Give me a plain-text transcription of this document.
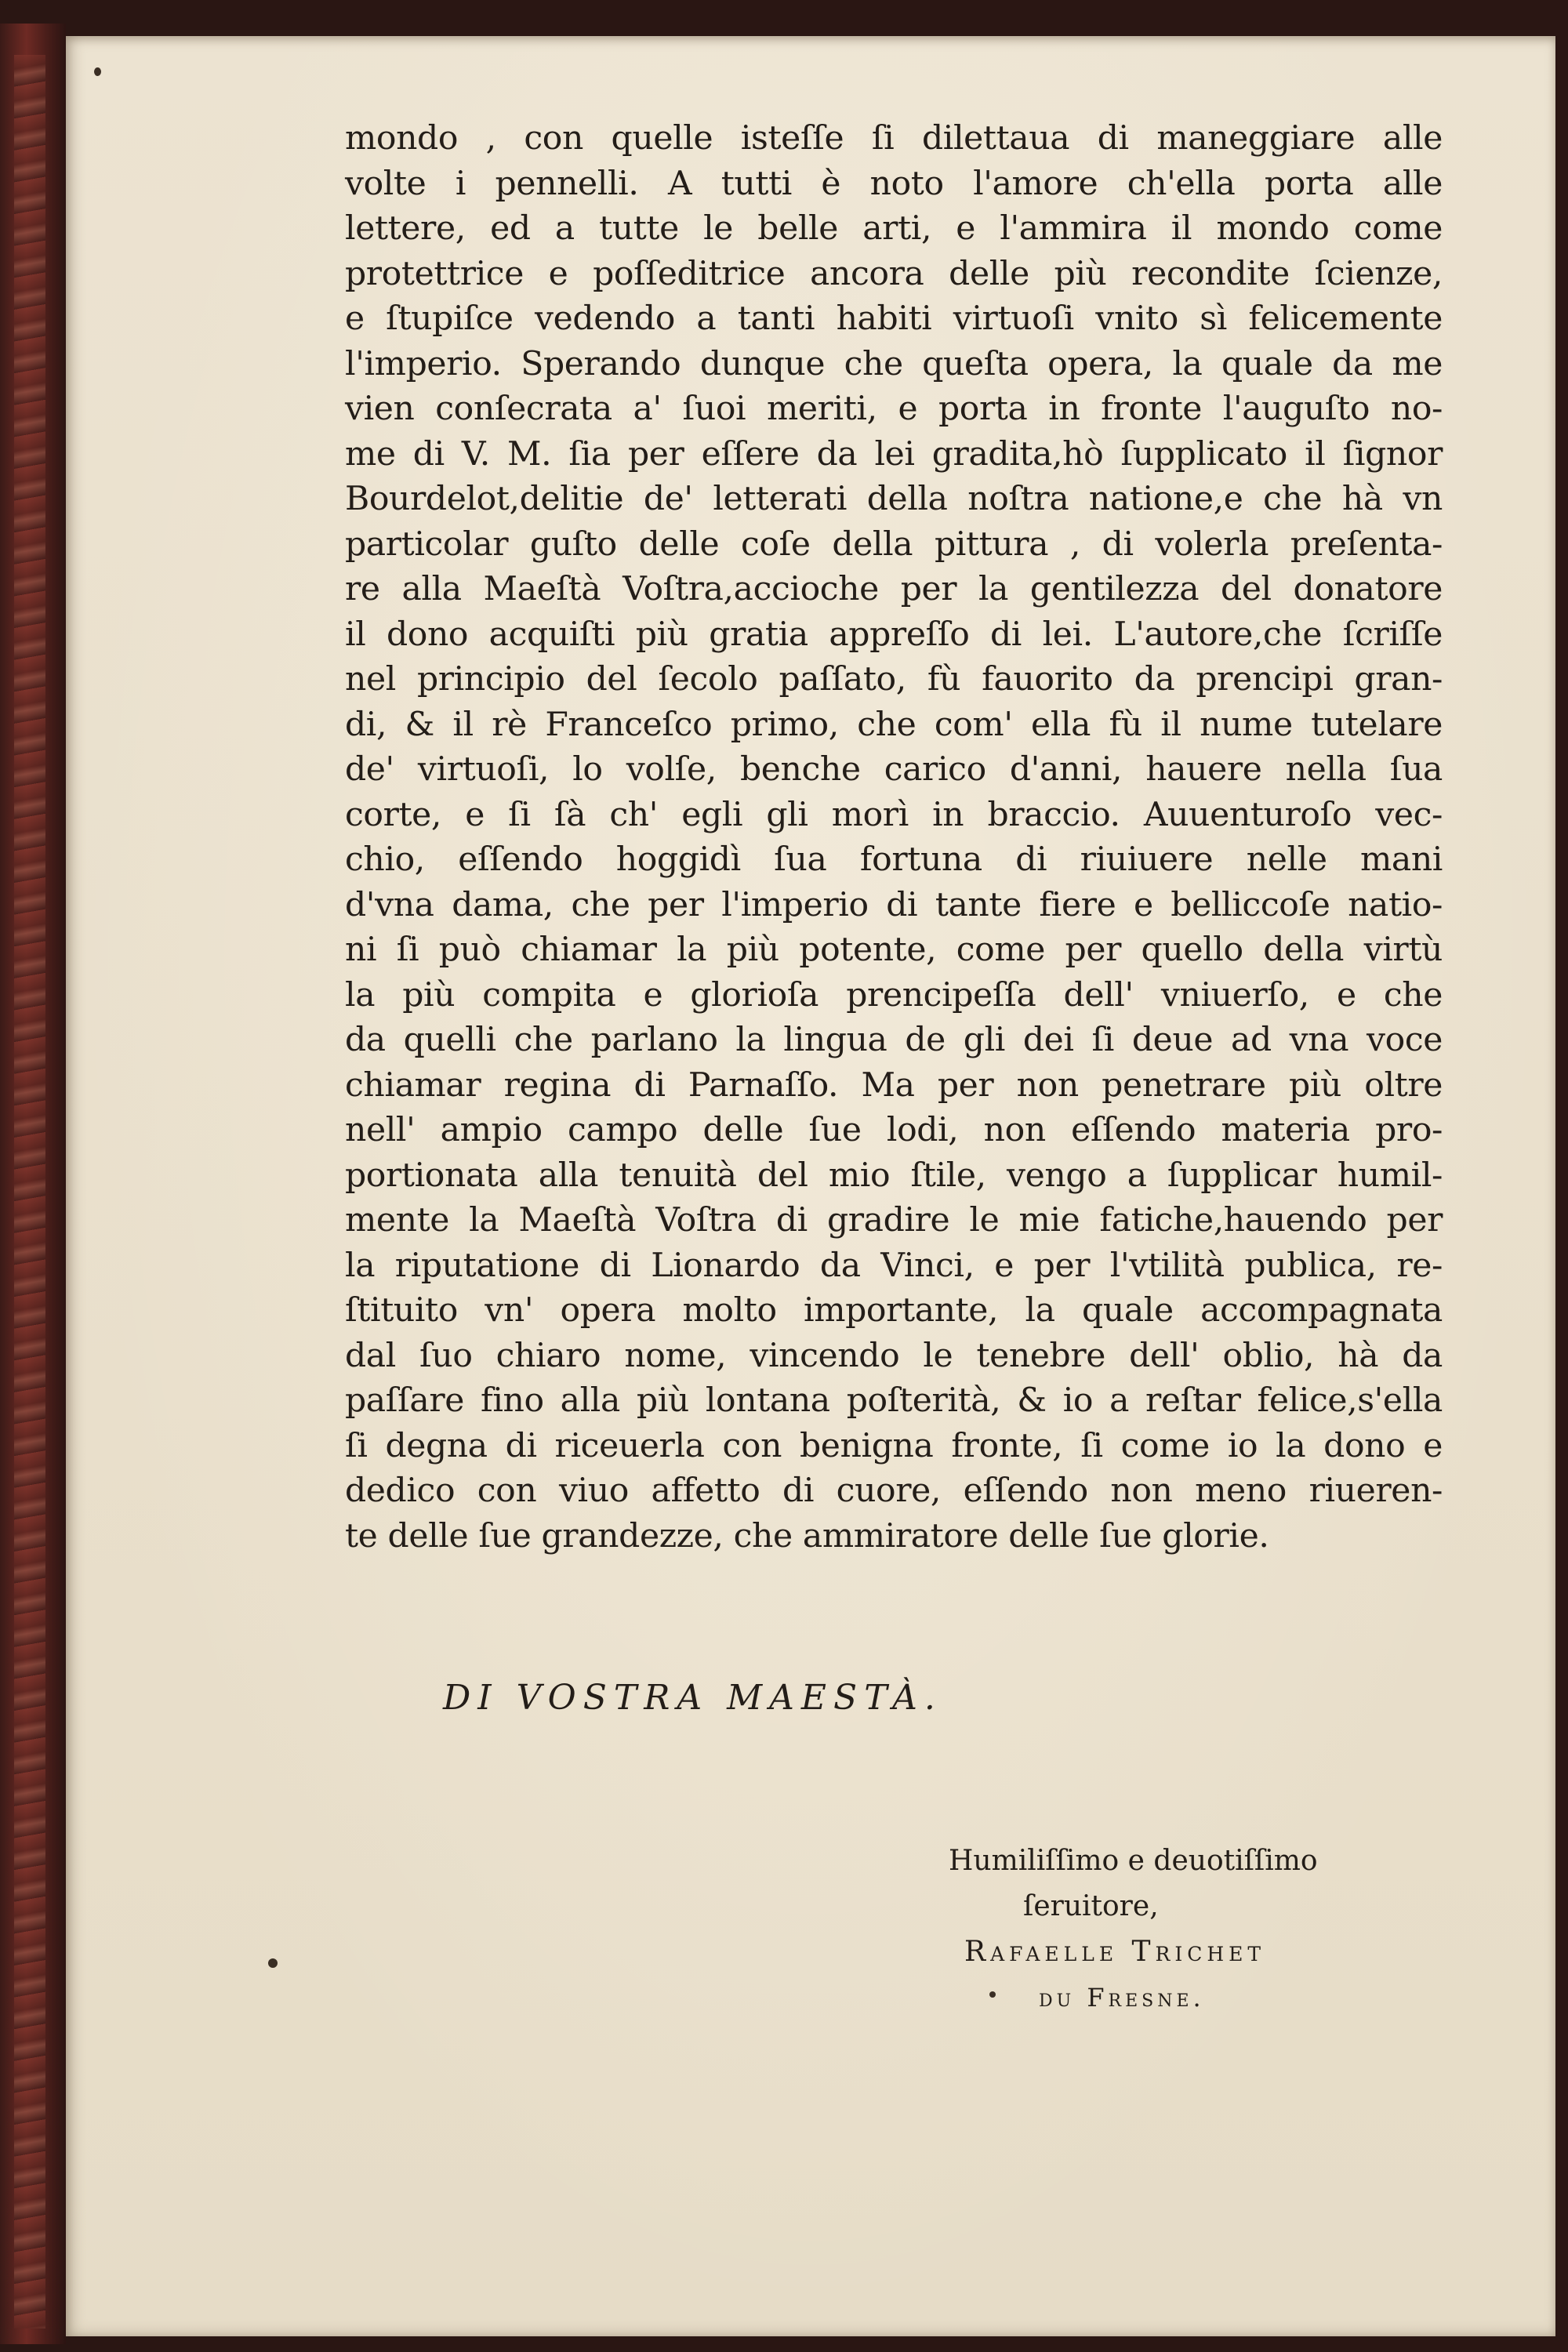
mondo , con quelle isteſſe ſi dilettaua di maneggiare alle
volte i pennelli. A tutti è noto l'amore ch'ella porta alle
lettere, ed a tutte le belle arti, e l'ammira il mondo come
protettrice e poſſeditrice ancora delle più recondite ſcienze,
e ſtupiſce vedendo a tanti habiti virtuoſi vnito sì felicemente
l'imperio. Sperando dunque che queſta opera, la quale da me
vien conſecrata a' ſuoi meriti, e porta in fronte l'auguſto no-
me di V. M. ſia per eſſere da lei gradita,hò ſupplicato il ſignor
Bourdelot,delitie de' letterati della noſtra natione,e che hà vn
particolar guſto delle coſe della pittura , di volerla preſenta-
re alla Maeſtà Voſtra,accioche per la gentilezza del donatore
il dono acquiſti più gratia appreſſo di lei. L'autore,che ſcriſſe
nel principio del ſecolo paſſato, fù fauorito da prencipi gran-
di, & il rè Franceſco primo, che com' ella fù il nume tutelare
de' virtuoſi, lo volſe, benche carico d'anni, hauere nella ſua
corte, e ſi ſà ch' egli gli morì in braccio. Auuenturoſo vec-
chio, eſſendo hoggidì ſua fortuna di riuiuere nelle mani
d'vna dama, che per l'imperio di tante fiere e belliccoſe natio-
ni ſi può chiamar la più potente, come per quello della virtù
la più compita e glorioſa prencipeſſa dell' vniuerſo, e che
da quelli che parlano la lingua de gli dei ſi deue ad vna voce
chiamar regina di Parnaſſo. Ma per non penetrare più oltre
nell' ampio campo delle ſue lodi, non eſſendo materia pro-
portionata alla tenuità del mio ſtile, vengo a ſupplicar humil-
mente la Maeſtà Voſtra di gradire le mie fatiche,hauendo per
la riputatione di Lionardo da Vinci, e per l'vtilità publica, re-
ſtituito vn' opera molto importante, la quale accompagnata
dal ſuo chiaro nome, vincendo le tenebre dell' oblio, hà da
paſſare fino alla più lontana poſterità, & io a reſtar felice,s'ella
ſi degna di riceuerla con benigna fronte, ſi come io la dono e
dedico con viuo affetto di cuore, eſſendo non meno riueren-
te delle ſue grandezze, che ammiratore delle ſue glorie.
DI VOSTRA MAESTÀ.
Humiliſſimo e deuotiſſimo
ſeruitore,
Rafaelle Trichet
du Fresne.
